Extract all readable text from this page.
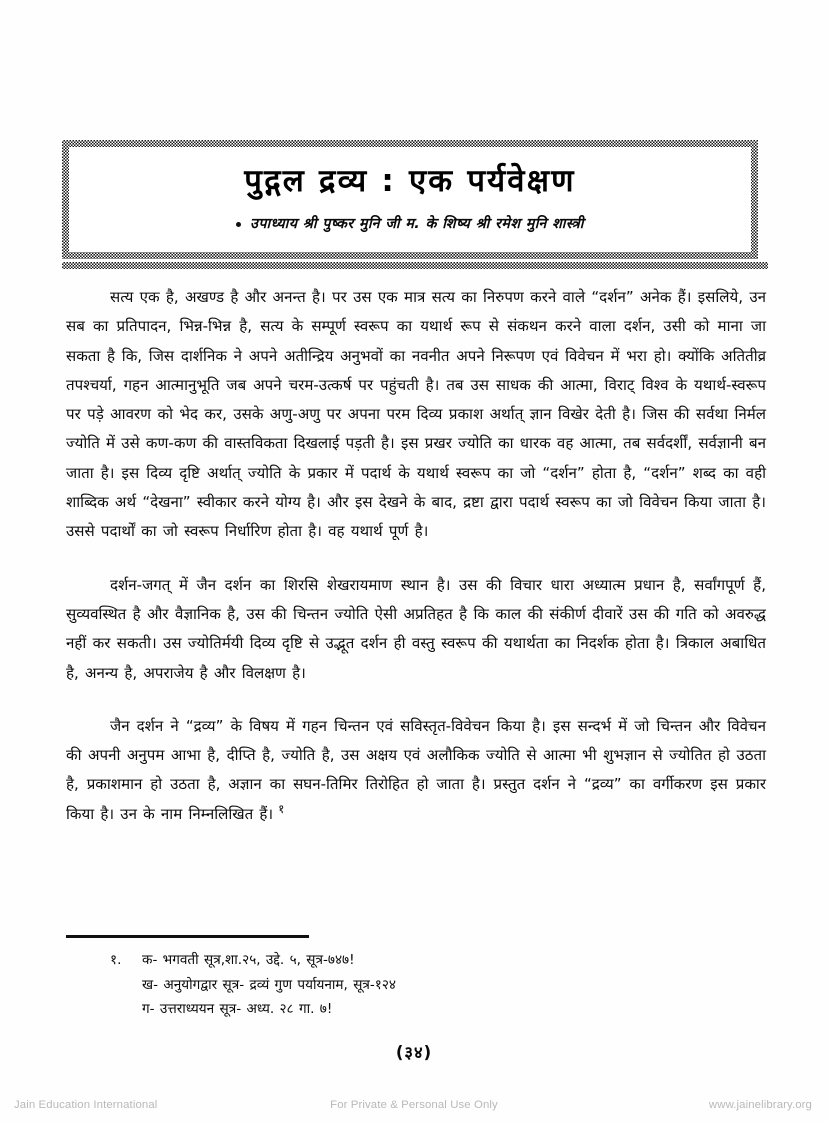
पुद्गल द्रव्य : एक पर्यवेक्षण
उपाध्याय श्री पुष्कर मुनि जी म. के शिष्य श्री रमेश मुनि शास्त्री

सत्य एक है, अखण्ड है और अनन्त है। पर उस एक मात्र सत्य का निरुपण करने वाले “दर्शन” अनेक हैं। इसलिये, उन सब का प्रतिपादन, भिन्न-भिन्न है, सत्य के सम्पूर्ण स्वरूप का यथार्थ रूप से संकथन करने वाला दर्शन, उसी को माना जा सकता है कि, जिस दार्शनिक ने अपने अतीन्द्रिय अनुभवों का नवनीत अपने निरूपण एवं विवेचन में भरा हो। क्योंकि अतितीव्र तपश्चर्या, गहन आत्मानुभूति जब अपने चरम-उत्कर्ष पर पहुंचती है। तब उस साधक की आत्मा, विराट् विश्व के यथार्थ-स्वरूप पर पड़े आवरण को भेद कर, उसके अणु-अणु पर अपना परम दिव्य प्रकाश अर्थात् ज्ञान विखेर देती है। जिस की सर्वथा निर्मल ज्योति में उसे कण-कण की वास्तविकता दिखलाई पड़ती है। इस प्रखर ज्योति का धारक वह आत्मा, तब सर्वदर्शीं, सर्वज्ञानी बन जाता है। इस दिव्य दृष्टि अर्थात् ज्योति के प्रकार में पदार्थ के यथार्थ स्वरूप का जो “दर्शन” होता है, “दर्शन” शब्द का वही शाब्दिक अर्थ “देखना” स्वीकार करने योग्य है। और इस देखने के बाद, द्रष्टा द्वारा पदार्थ स्वरूप का जो विवेचन किया जाता है। उससे पदार्थों का जो स्वरूप निर्धारिण होता है। वह यथार्थ पूर्ण है।

दर्शन-जगत् में जैन दर्शन का शिरसि शेखरायमाण स्थान है। उस की विचार धारा अध्यात्म प्रधान है, सर्वांगपूर्ण हैं, सुव्यवस्थित है और वैज्ञानिक है, उस की चिन्तन ज्योति ऐसी अप्रतिहत है कि काल की संकीर्ण दीवारें उस की गति को अवरुद्ध नहीं कर सकती। उस ज्योतिर्मयी दिव्य दृष्टि से उद्भूत दर्शन ही वस्तु स्वरूप की यथार्थता का निदर्शक होता है। त्रिकाल अबाधित है, अनन्य है, अपराजेय है और विलक्षण है।

जैन दर्शन ने “द्रव्य” के विषय में गहन चिन्तन एवं सविस्तृत-विवेचन किया है। इस सन्दर्भ में जो चिन्तन और विवेचन की अपनी अनुपम आभा है, दीप्ति है, ज्योति है, उस अक्षय एवं अलौकिक ज्योति से आत्मा भी शुभज्ञान से ज्योतित हो उठता है, प्रकाशमान हो उठता है, अज्ञान का सघन-तिमिर तिरोहित हो जाता है। प्रस्तुत दर्शन ने “द्रव्य” का वर्गीकरण इस प्रकार किया है। उन के नाम निम्नलिखित हैं। $^१$

१.	क- भगवती सूत्र,शा.२५, उद्दे. ५, सूत्र-७४७!
ख- अनुयोगद्वार सूत्र- द्रव्यं गुण पर्यायनाम, सूत्र-१२४
ग- उत्तराध्ययन सूत्र- अध्य. २८ गा. ७!
(३४)
Jain Education International	For Private & Personal Use Only	www.jainelibrary.org
